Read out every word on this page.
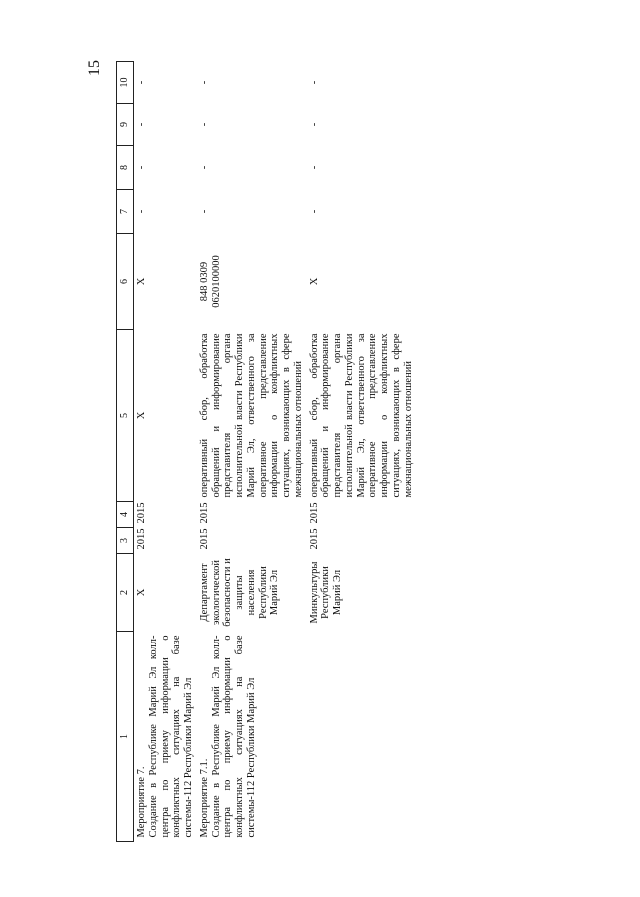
15
1	2	3	4	5	6	7	8	9	10
Мероприятие 7.
Создание в Республике Марий Эл колл-центра по приему информации о конфликтных ситуациях на базе системы-112 Республики Марий Эл	X	2015	2015	X	X	-	-	-	-
Мероприятие 7.1.
Создание в Республике Марий Эл колл-центра по приему информации о конфликтных ситуациях на базе системы-112 Республики Марий Эл	Департамент экологической безопасности и защиты населения Республики Марий Эл	2015	2015	оперативный сбор, обработка обращений и информирование представителя органа исполнительной власти Республики Марий Эл, ответственного за оперативное представление информации о конфликтных ситуациях, возникающих в сфере межнациональных отношений	848 0309 0620100000	-	-	-	-
	Минкультуры Республики Марий Эл	2015	2015	оперативный сбор, обработка обращений и информирование представителя органа исполнительной власти Республики Марий Эл, ответственного за оперативное представление информации о конфликтных ситуациях, возникающих в сфере межнациональных отношений	X	-	-	-	-
